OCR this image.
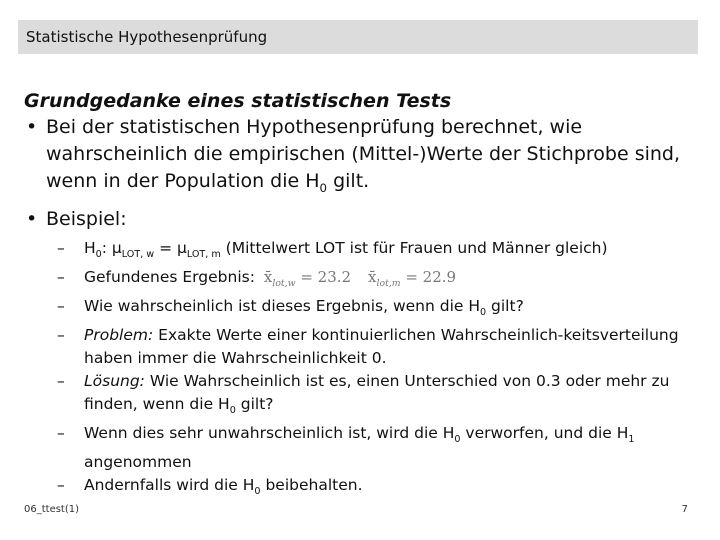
Statistische Hypothesenprüfung
Grundgedanke eines statistischen Tests
• Bei der statistischen Hypothesenprüfung berechnet, wie wahrscheinlich die empirischen (Mittel-)Werte der Stichprobe sind, wenn in der Population die $H_0$ gilt.
• Beispiel:
– $H_0$: $\mu_{LOT, w} = \mu_{LOT, m}$ (Mittelwert LOT ist für Frauen und Männer gleich)
– Gefundenes Ergebnis: $x̄_{lot,w} = 23.2$ $x̄_{lot,m} = 22.9$
– Wie wahrscheinlich ist dieses Ergebnis, wenn die $H_0$ gilt?
– Problem: Exakte Werte einer kontinuierlichen Wahrscheinlich-keitsverteilung haben immer die Wahrscheinlichkeit 0.
– Lösung: Wie Wahrscheinlich ist es, einen Unterschied von 0.3 oder mehr zu finden, wenn die $H_0$ gilt?
– Wenn dies sehr unwahrscheinlich ist, wird die $H_0$ verworfen, und die $H_1$ angenommen
– Andernfalls wird die $H_0$ beibehalten.
06_ttest(1)	7
